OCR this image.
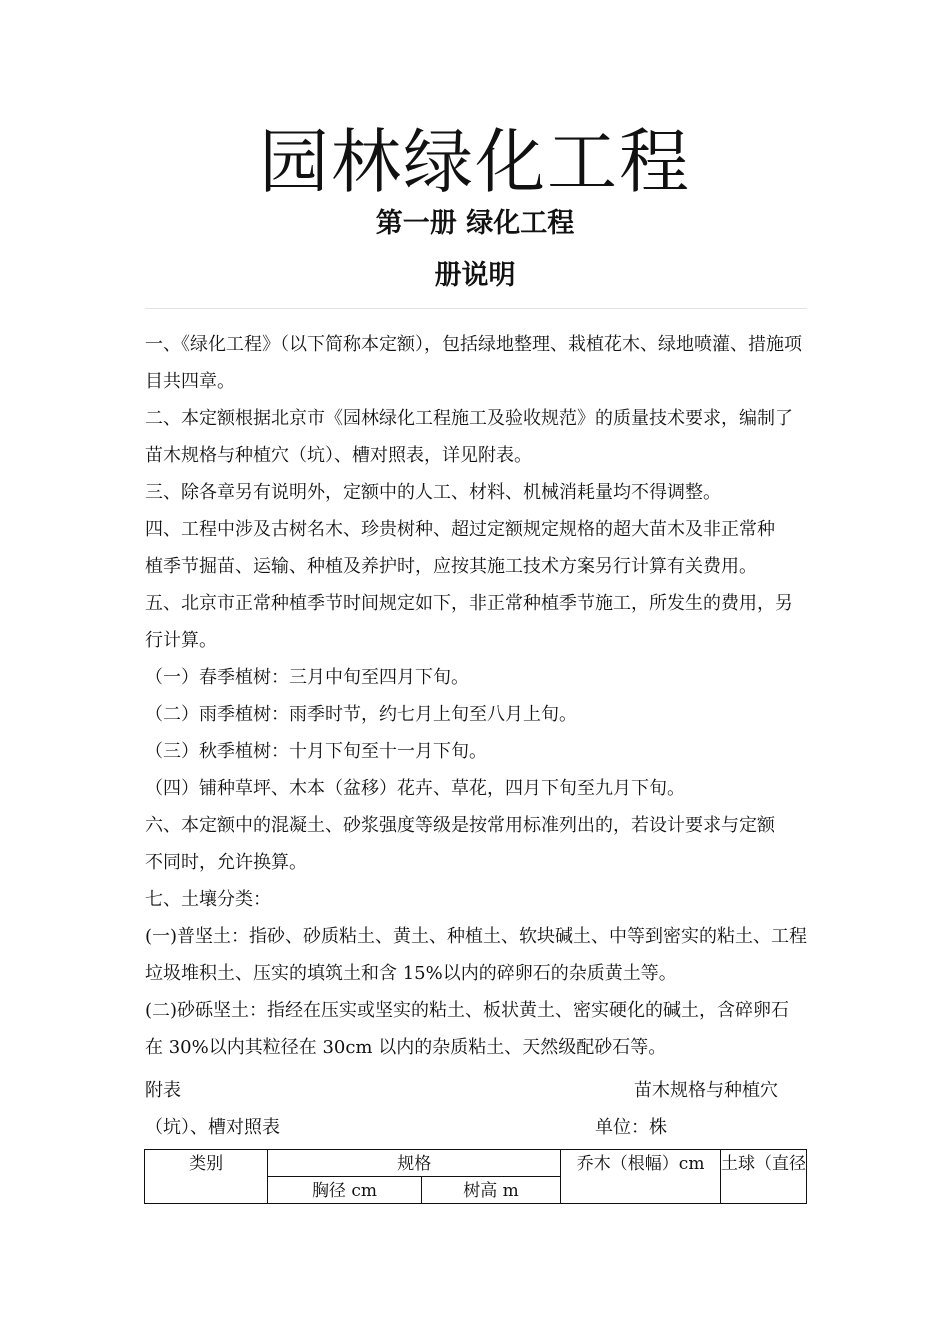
园林绿化工程
第一册 绿化工程
册说明
一、《绿化工程》（以下简称本定额），包括绿地整理、栽植花木、绿地喷灌、措施项
目共四章。
二、本定额根据北京市《园林绿化工程施工及验收规范》的质量技术要求，编制了
苗木规格与种植穴（坑）、槽对照表，详见附表。
三、除各章另有说明外，定额中的人工、材料、机械消耗量均不得调整。
四、工程中涉及古树名木、珍贵树种、超过定额规定规格的超大苗木及非正常种
植季节掘苗、运输、种植及养护时，应按其施工技术方案另行计算有关费用。
五、北京市正常种植季节时间规定如下，非正常种植季节施工，所发生的费用，另
行计算。
（一）春季植树：三月中旬至四月下旬。
（二）雨季植树：雨季时节，约七月上旬至八月上旬。
（三）秋季植树：十月下旬至十一月下旬。
（四）铺种草坪、木本（盆移）花卉、草花，四月下旬至九月下旬。
六、本定额中的混凝土、砂浆强度等级是按常用标准列出的，若设计要求与定额
不同时，允许换算。
七、土壤分类：
(一)普坚土：指砂、砂质粘土、黄土、种植土、软块碱土、中等到密实的粘土、工程
垃圾堆积土、压实的填筑土和含 15%以内的碎卵石的杂质黄土等。
(二)砂砾坚土：指经在压实或坚实的粘土、板状黄土、密实硬化的碱土，含碎卵石
在 30%以内其粒径在 30cm 以内的杂质粘土、天然级配砂石等。
附表	苗木规格与种植穴
（坑）、槽对照表	单位：株
类别	规格		乔木（根幅）cm	土球（直径
	胸径 cm	树高 m		
